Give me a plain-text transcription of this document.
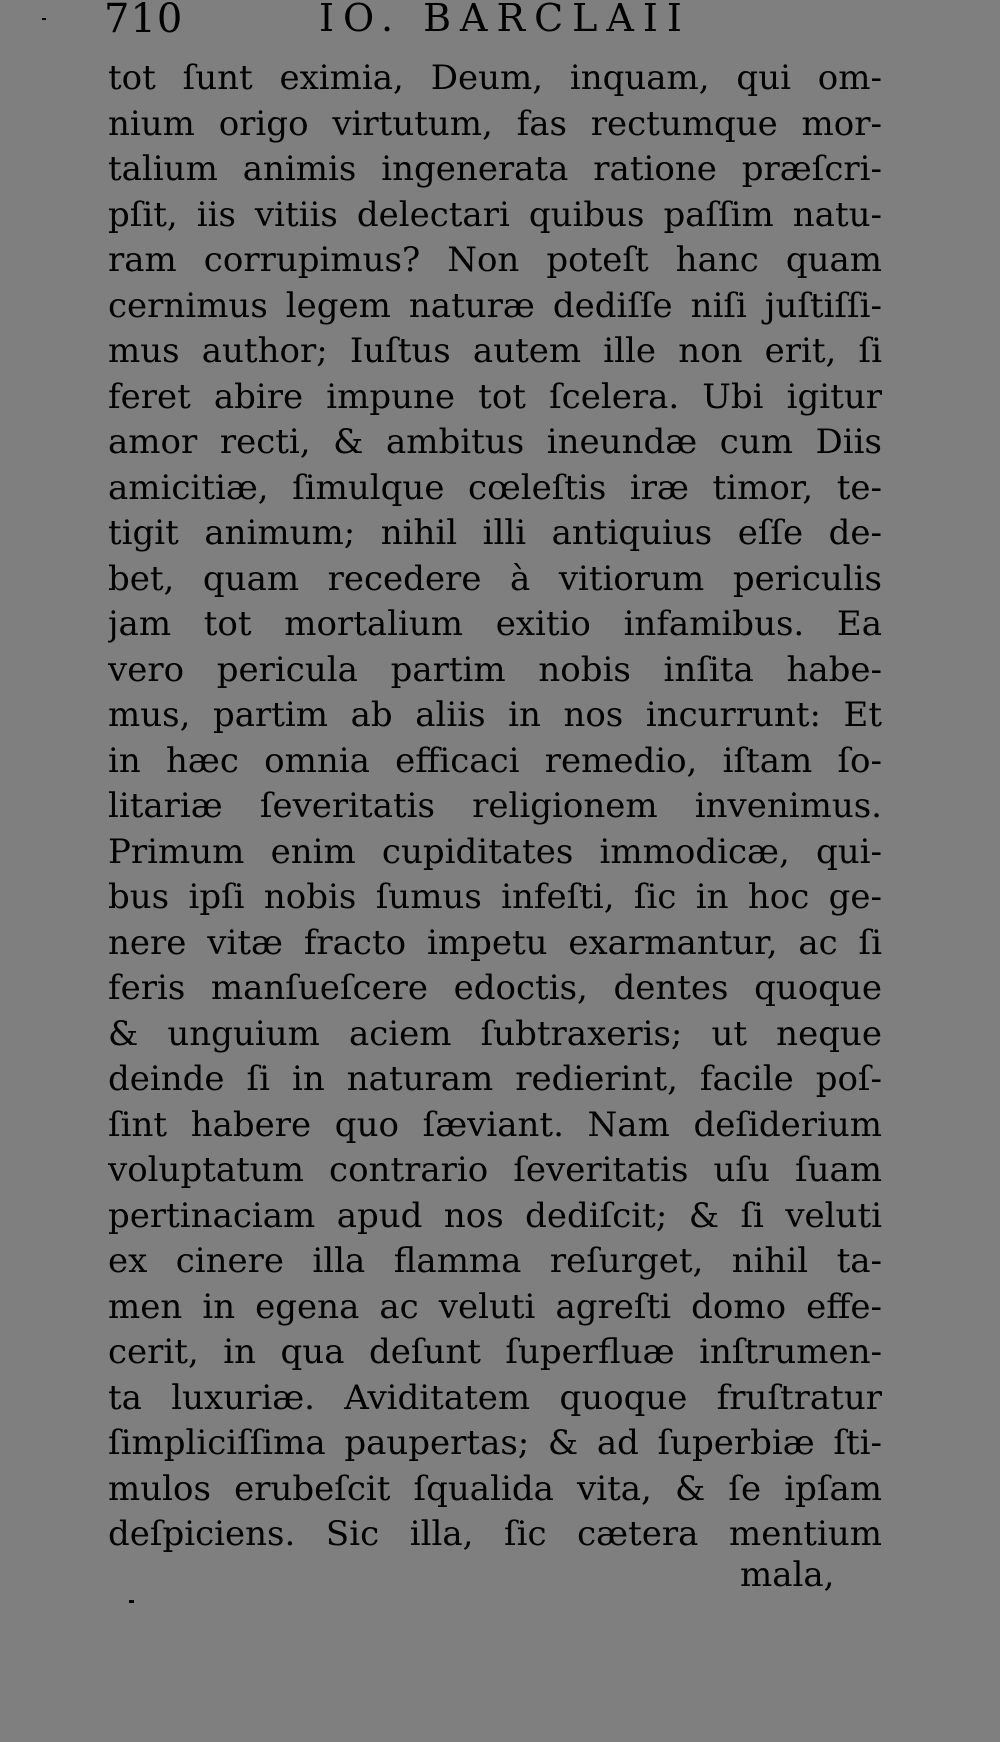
710	IO. BARCLAII
tot ſunt eximia, Deum, inquam, qui om-
nium origo virtutum, fas rectumque mor-
talium animis ingenerata ratione præſcri-
pſit, iis vitiis delectari quibus paſſim natu-
ram corrupimus? Non poteſt hanc quam
cernimus legem naturæ dediſſe niſi juſtiſſi-
mus author; Iuſtus autem ille non erit, ſi
feret abire impune tot ſcelera. Ubi igitur
amor recti, & ambitus ineundæ cum Diis
amicitiæ, ſimulque cœleſtis iræ timor, te-
tigit animum; nihil illi antiquius eſſe de-
bet, quam recedere à vitiorum periculis
jam tot mortalium exitio infamibus. Ea
vero pericula partim nobis inſita habe-
mus, partim ab aliis in nos incurrunt: Et
in hæc omnia efficaci remedio, iſtam ſo-
litariæ ſeveritatis religionem invenimus.
Primum enim cupiditates immodicæ, qui-
bus ipſi nobis ſumus infeſti, ſic in hoc ge-
nere vitæ fracto impetu exarmantur, ac ſi
feris manſueſcere edoctis, dentes quoque
& unguium aciem ſubtraxeris; ut neque
deinde ſi in naturam redierint, facile poſ-
ſint habere quo ſæviant. Nam deſiderium
voluptatum contrario ſeveritatis uſu ſuam
pertinaciam apud nos dediſcit; & ſi veluti
ex cinere illa flamma reſurget, nihil ta-
men in egena ac veluti agreſti domo effe-
cerit, in qua deſunt ſuperfluæ inſtrumen-
ta luxuriæ. Aviditatem quoque fruſtratur
ſimpliciſſima paupertas; & ad ſuperbiæ ſti-
mulos erubeſcit ſqualida vita, & ſe ipſam
deſpiciens. Sic illa, ſic cætera mentium
mala,
